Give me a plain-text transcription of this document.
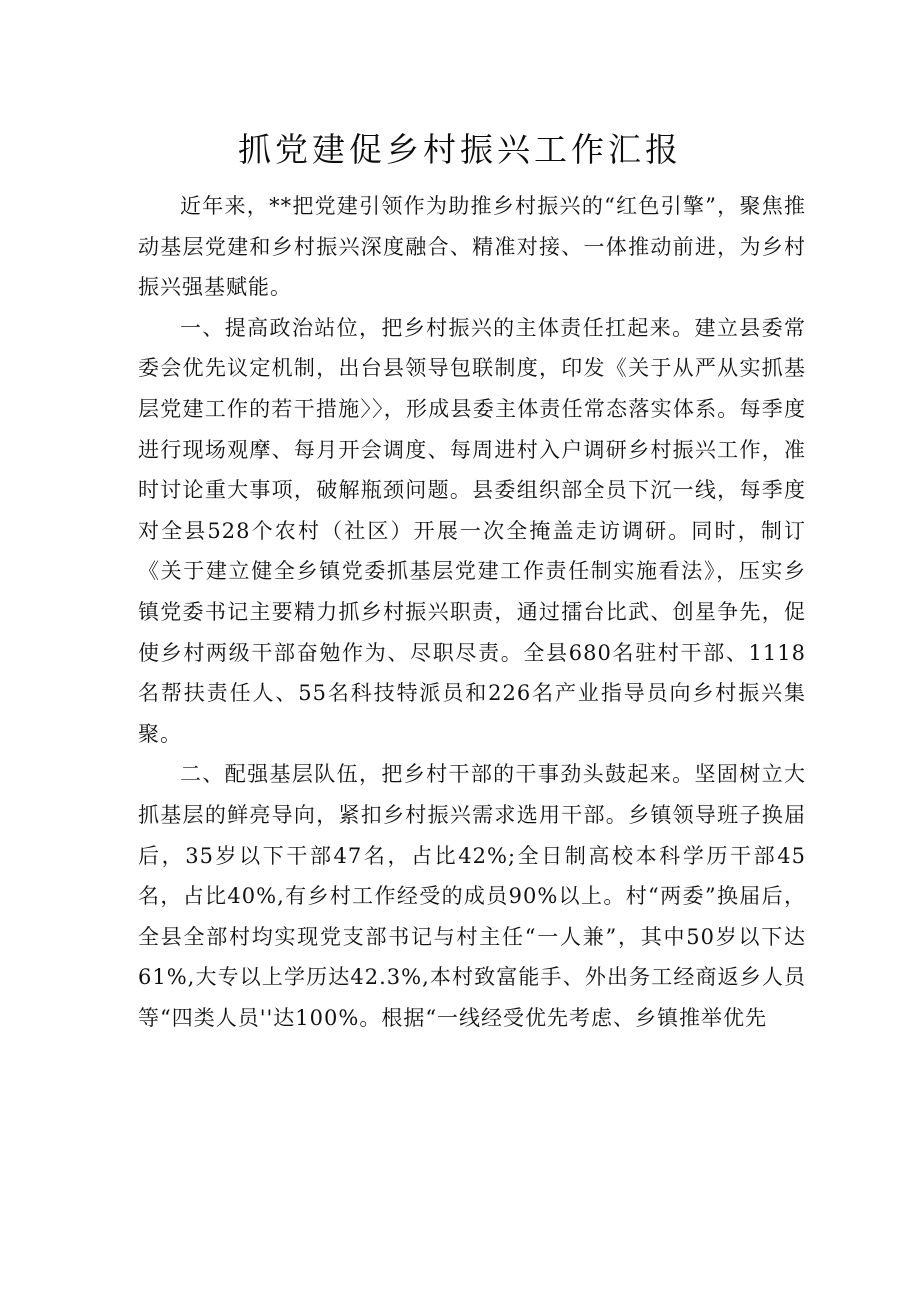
抓党建促乡村振兴工作汇报

近年来，**把党建引领作为助推乡村振兴的“红色引擎”，聚焦推动基层党建和乡村振兴深度融合、精准对接、一体推动前进，为乡村振兴强基赋能。

一、提高政治站位，把乡村振兴的主体责任扛起来。建立县委常委会优先议定机制，出台县领导包联制度，印发《关于从严从实抓基层党建工作的若干措施〉〉，形成县委主体责任常态落实体系。每季度进行现场观摩、每月开会调度、每周进村入户调研乡村振兴工作，准时讨论重大事项，破解瓶颈问题。县委组织部全员下沉一线，每季度对全县528个农村（社区）开展一次全掩盖走访调研。同时，制订《关于建立健全乡镇党委抓基层党建工作责任制实施看法》，压实乡镇党委书记主要精力抓乡村振兴职责，通过擂台比武、创星争先，促使乡村两级干部奋勉作为、尽职尽责。全县680名驻村干部、1118名帮扶责任人、55名科技特派员和226名产业指导员向乡村振兴集聚。

二、配强基层队伍，把乡村干部的干事劲头鼓起来。坚固树立大抓基层的鲜亮导向，紧扣乡村振兴需求选用干部。乡镇领导班子换届后，35岁以下干部47名，占比42%;全日制高校本科学历干部45名，占比40%,有乡村工作经受的成员90%以上。村“两委”换届后，全县全部村均实现党支部书记与村主任“一人兼”，其中50岁以下达61%,大专以上学历达42.3%,本村致富能手、外出务工经商返乡人员等“四类人员''达100%。根据“一线经受优先考虑、乡镇推举优先
